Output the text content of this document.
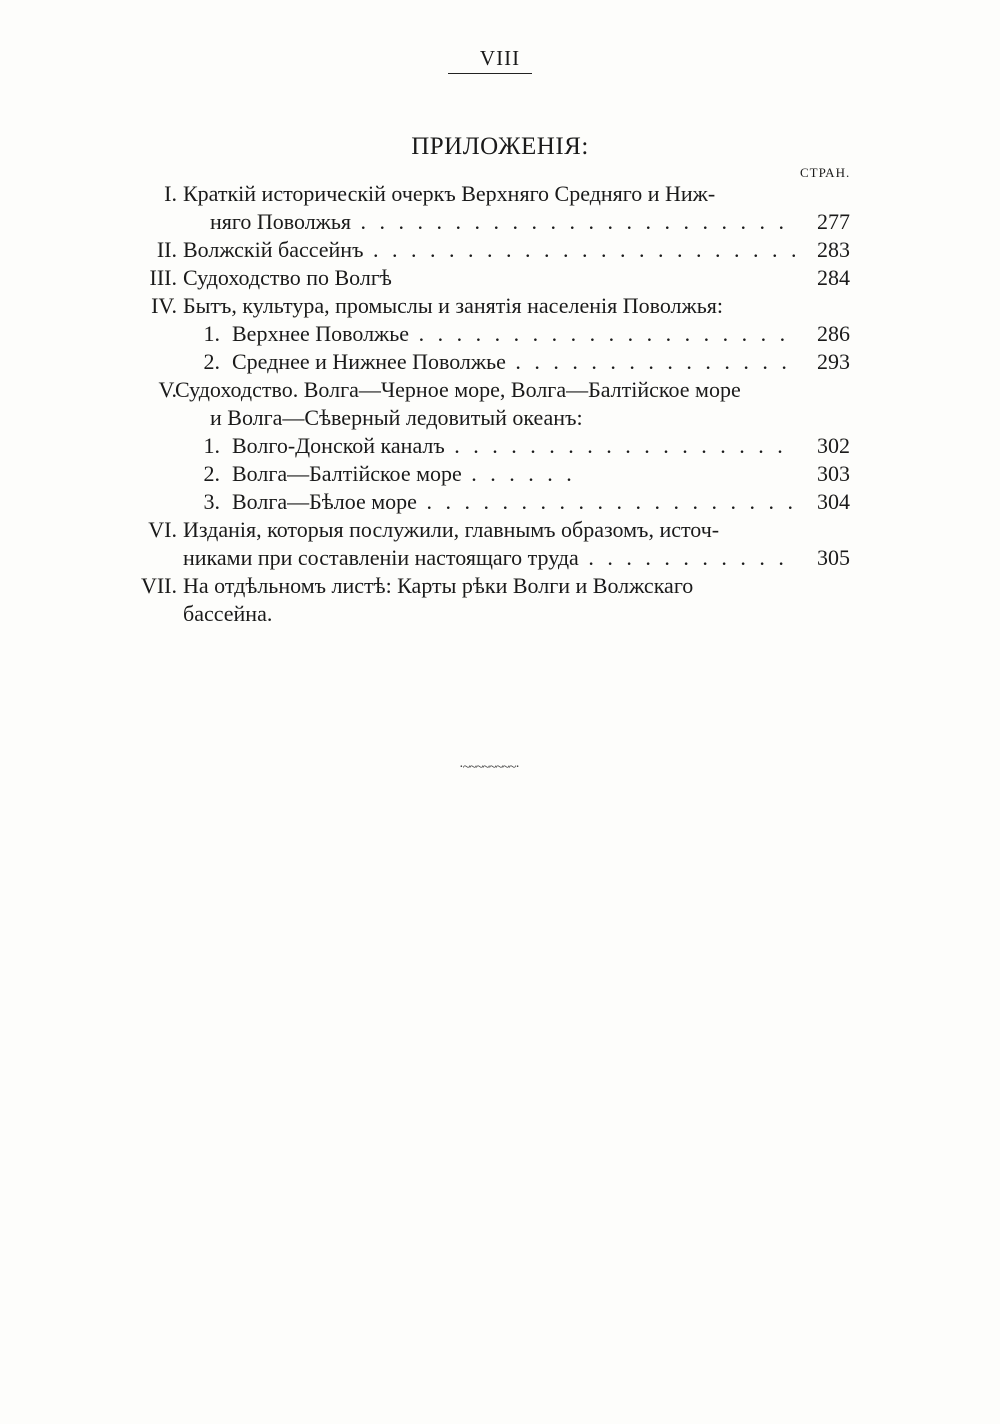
VIII
ПРИЛОЖЕНІЯ:
СТРАН.
I. Краткій историческій очеркъ Верхняго Средняго и Ниж-
няго Поволжья . . .	277
II. Волжскій бассейнъ . . .	283
III. Судоходство по Волгѣ	284
IV. Бытъ, культура, промыслы и занятія населенія Поволжья:
1. Верхнее Поволжье . . .	286
2. Среднее и Нижнее Поволжье . . .	293
V.
Судоходство. Волга—Черное море, Волга—Балтійское море
и Волга—Сѣверный ледовитый океанъ:
1. Волго-Донской каналъ . . .	302
2. Волга—Балтійское море . . .	303
3. Волга—Бѣлое море . . .	304
VI. Изданія, которыя послужили, главнымъ образомъ, источ-
никами при составленіи настоящаго труда . . .	305
VII. На отдѣльномъ листѣ: Карты рѣки Волги и Волжскаго
бассейна.
·~~~~~~~~·
